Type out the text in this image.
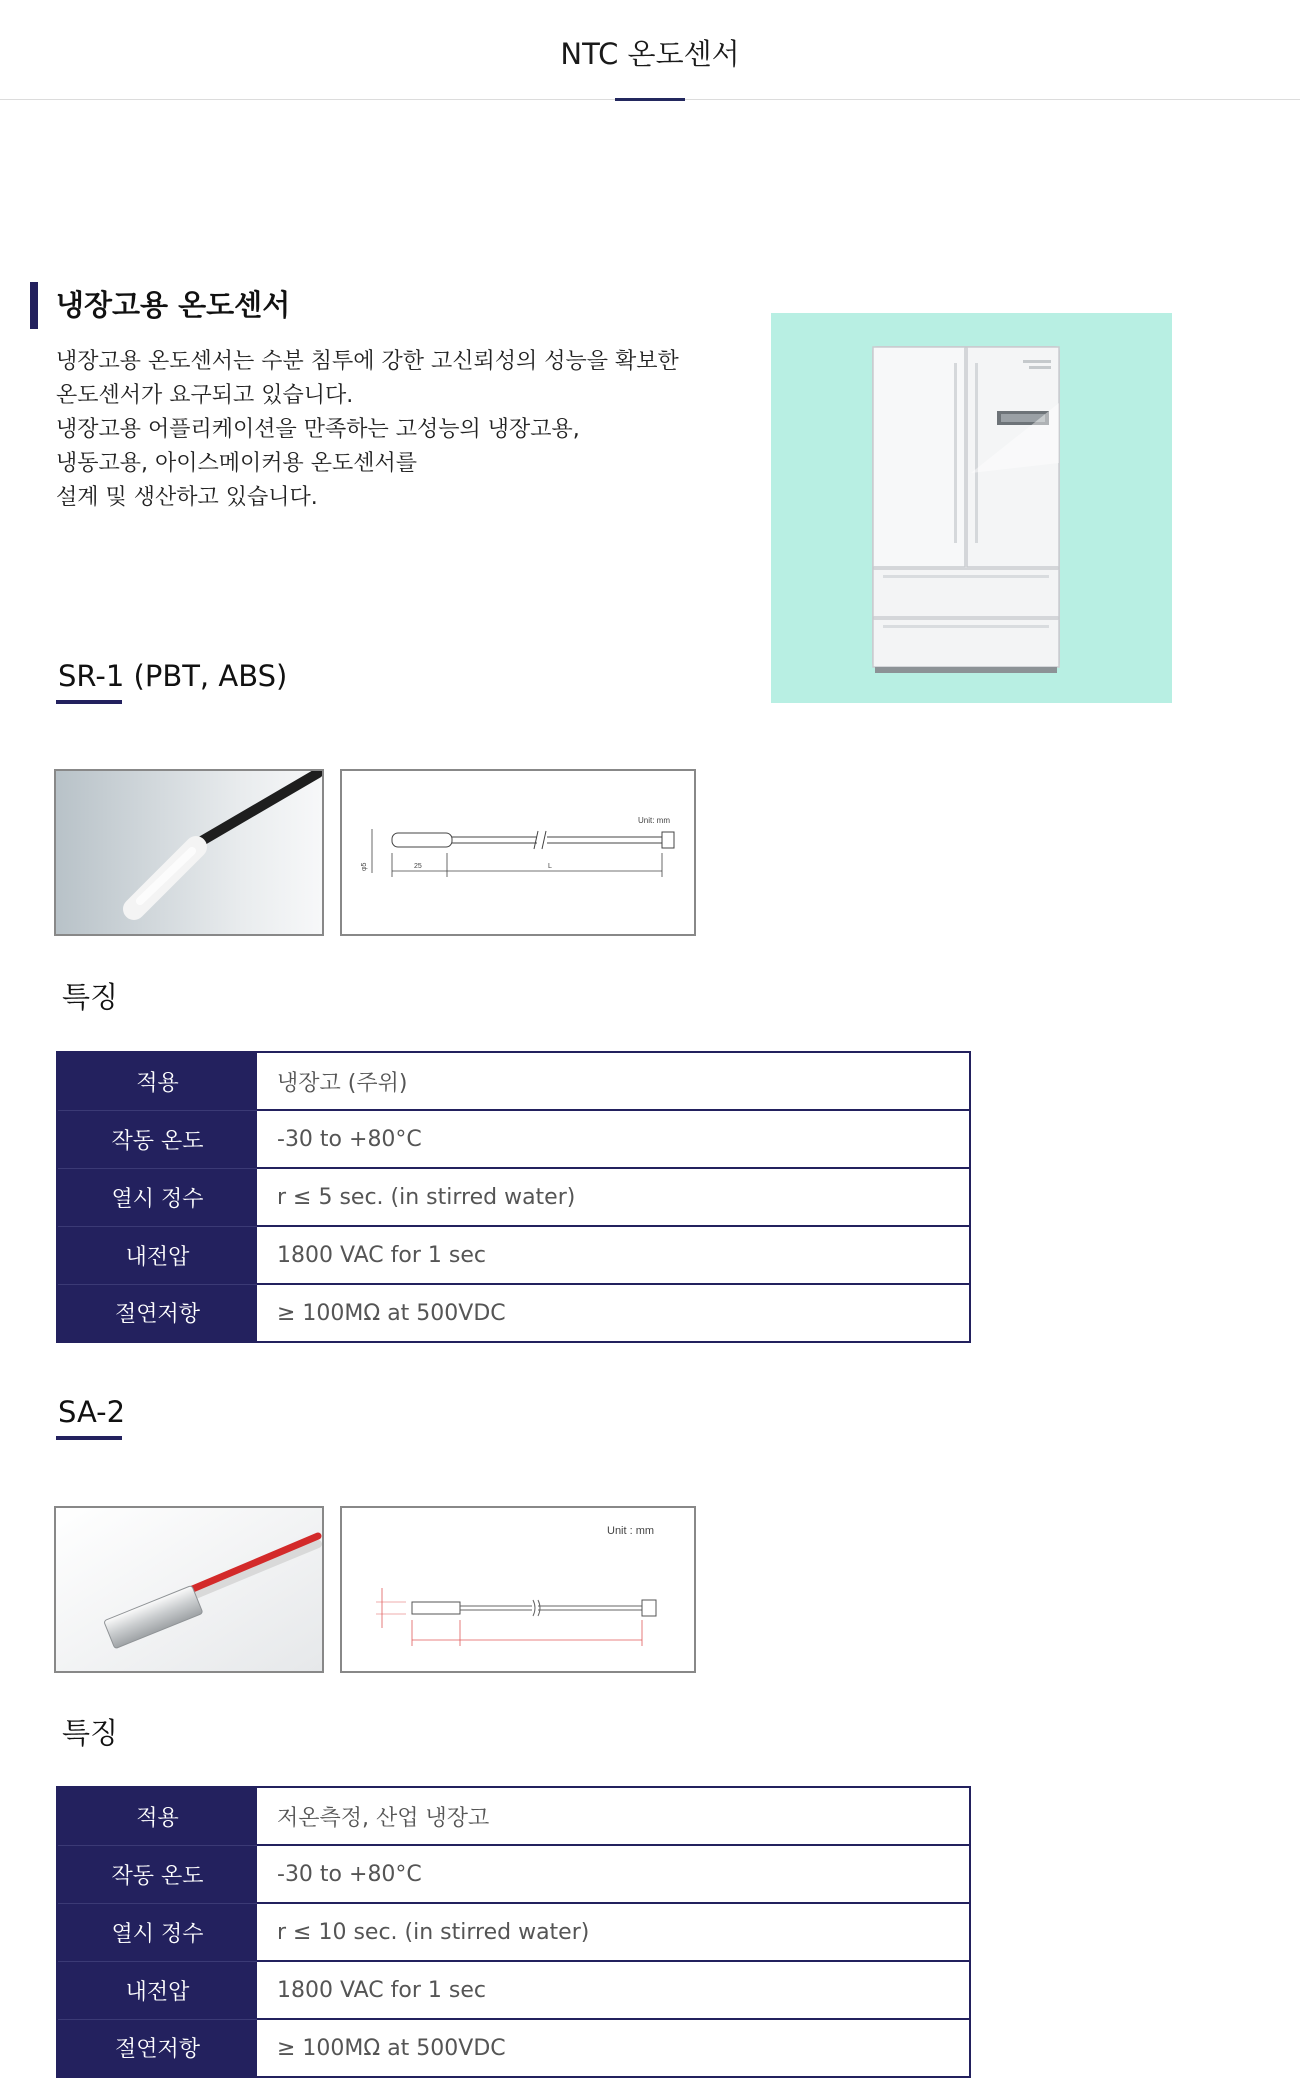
NTC 온도센서
냉장고용 온도센서

냉장고용 온도센서는 수분 침투에 강한 고신뢰성의 성능을 확보한

온도센서가 요구되고 있습니다.

냉장고용 어플리케이션을 만족하는 고성능의 냉장고용,

냉동고용, 아이스메이커용 온도센서를

설계 및 생산하고 있습니다.

SR-1 (PBT, ABS)
Unit: mm
25	L
φ5
특징
적용	냉장고 (주위)
작동 온도	-30 to +80°C
열시 정수	r ≤ 5 sec. (in stirred water)
내전압	1800 VAC for 1 sec
절연저항	≥ 100MΩ at 500VDC
SA-2
Unit : mm
특징
적용	저온측정, 산업 냉장고
작동 온도	-30 to +80°C
열시 정수	r ≤ 10 sec. (in stirred water)
내전압	1800 VAC for 1 sec
절연저항	≥ 100MΩ at 500VDC
